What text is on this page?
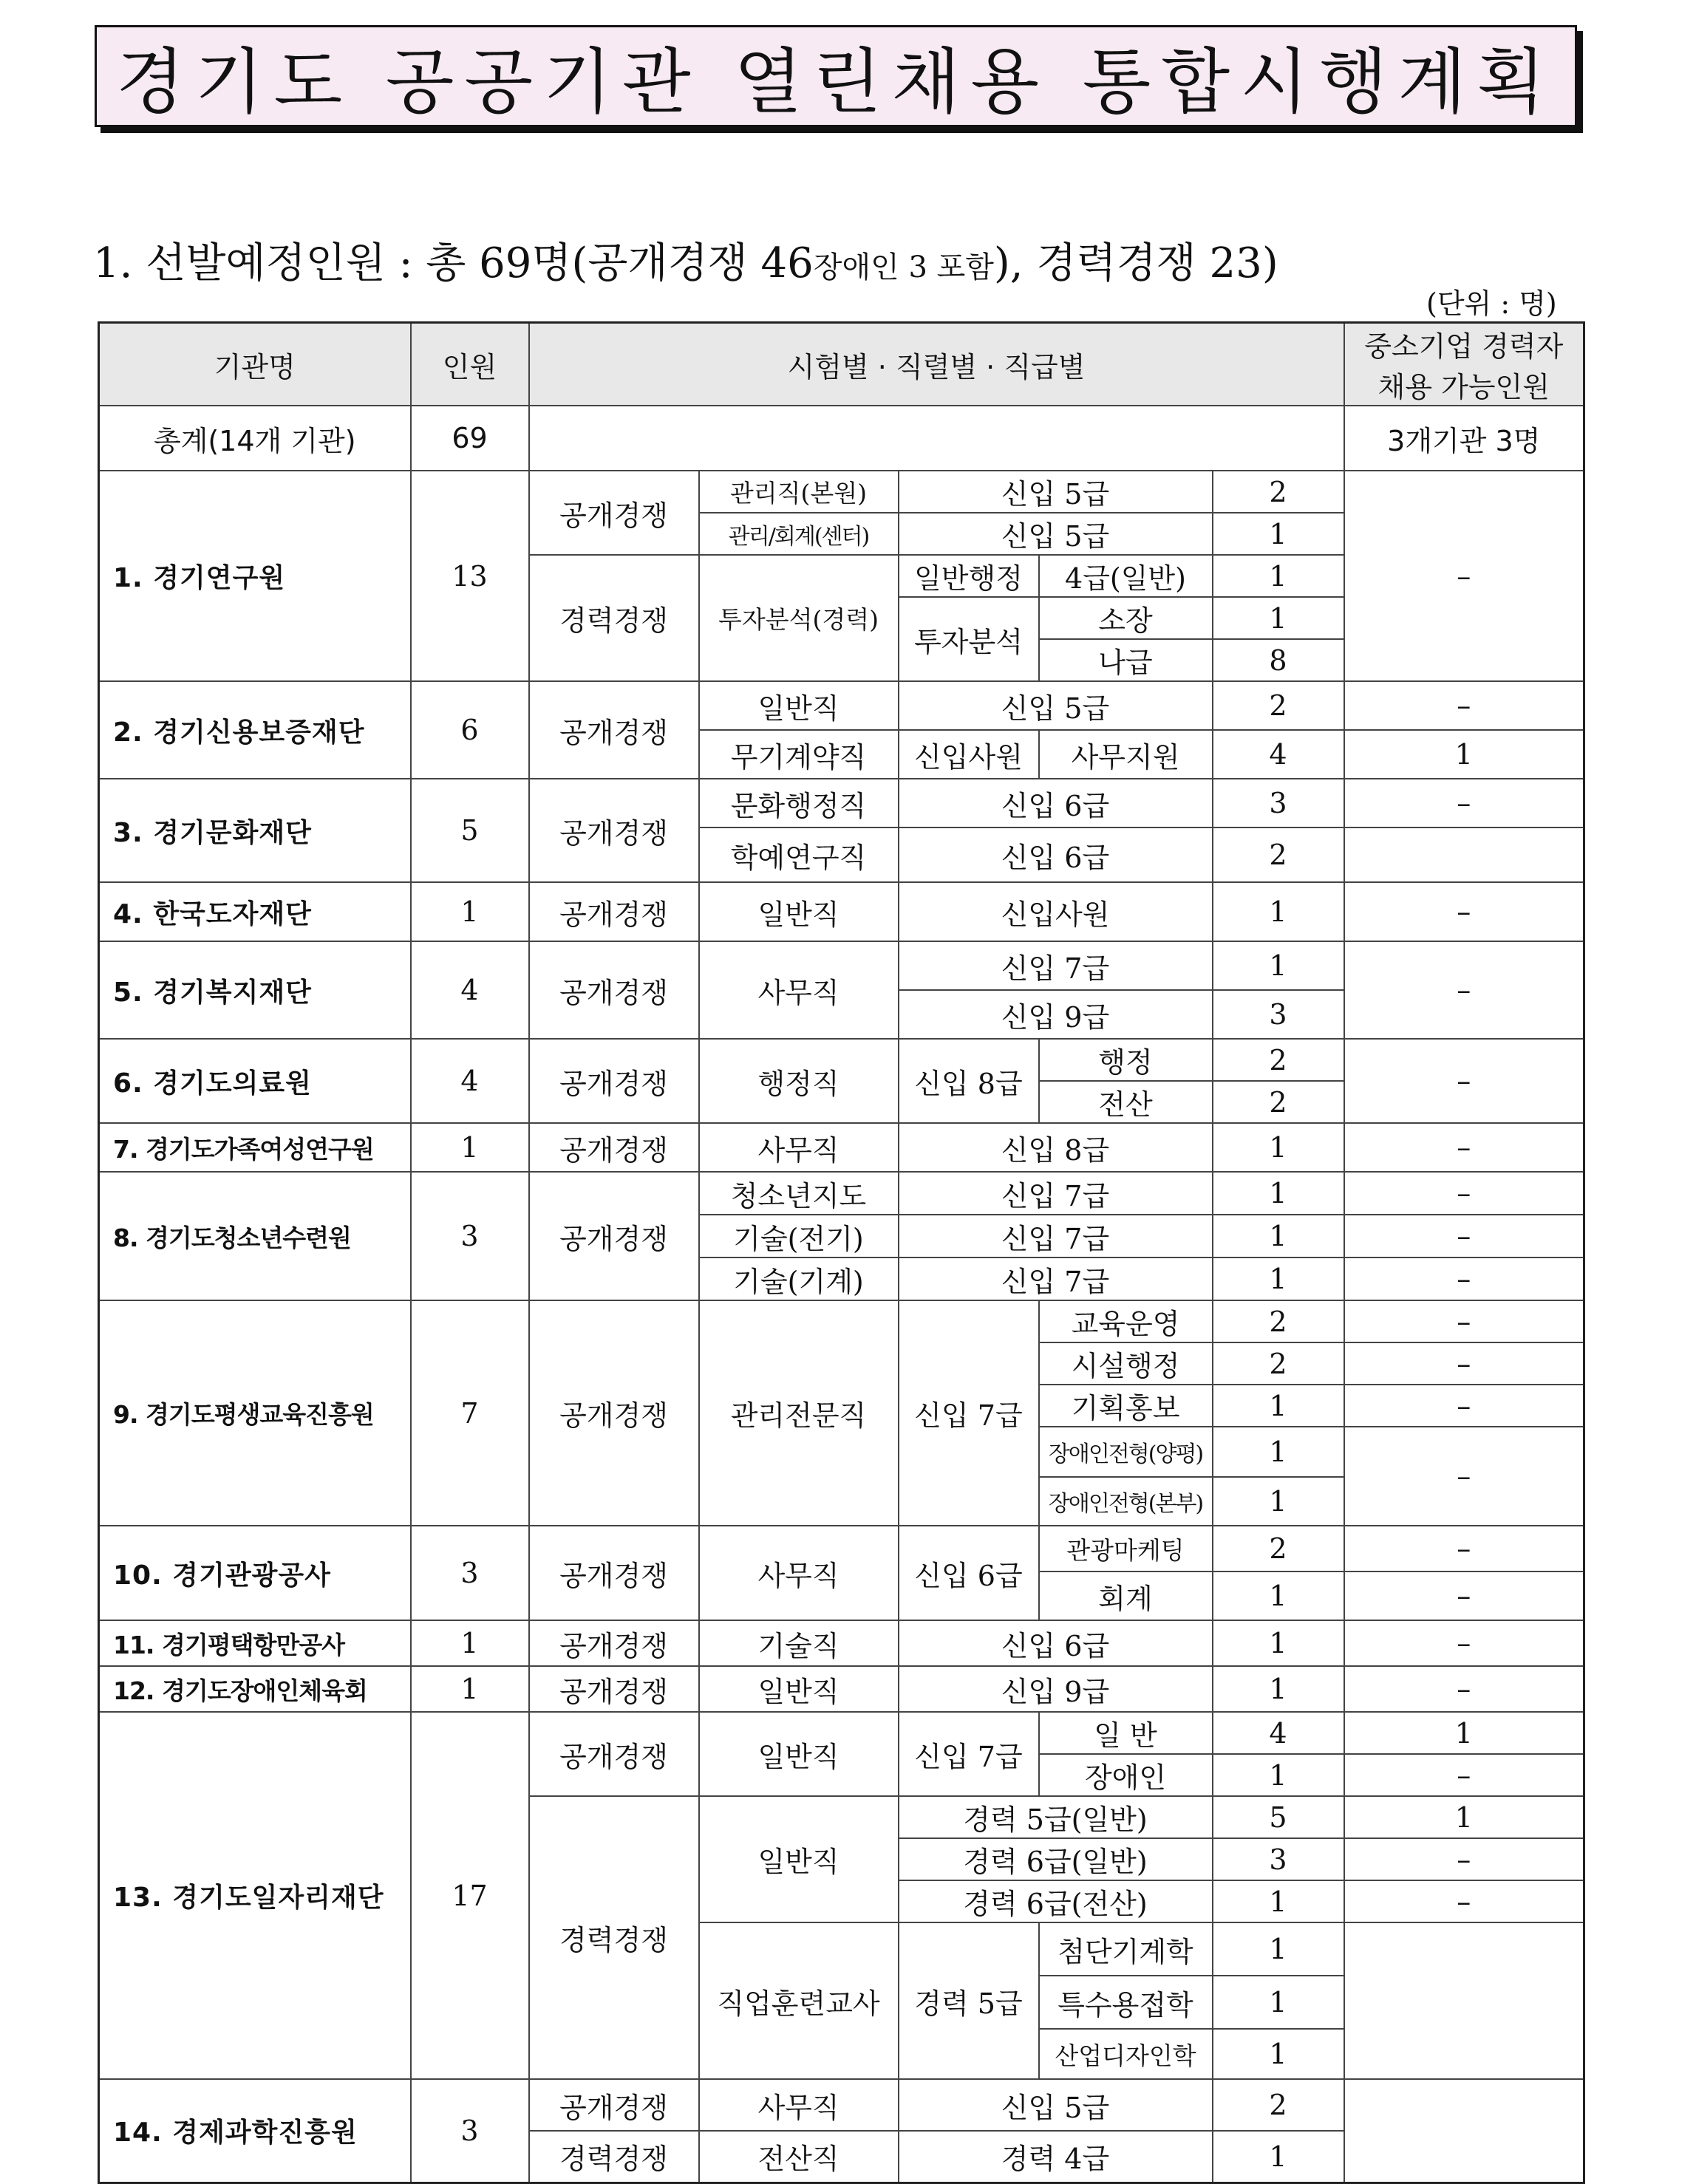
경기도 공공기관 열린채용 통합시행계획
1. 선발예정인원 : 총 69명(공개경쟁 46장애인 3 포함), 경력경쟁 23)
(단위 : 명)
기관명	인원	시험별 · 직렬별 · 직급별					중소기업 경력자 채용 가능인원
총계(14개 기관)	69						3개기관 3명
1. 경기연구원	13	공개경쟁	관리직(본원)	신입 5급		2	–
			관리/회계(센터)	신입 5급		1	
		경력경쟁	투자분석(경력)	일반행정	4급(일반)	1	
				투자분석	소장	1	
					나급	8	
2. 경기신용보증재단	6	공개경쟁	일반직	신입 5급		2	–
			무기계약직	신입사원	사무지원	4	1
3. 경기문화재단	5	공개경쟁	문화행정직	신입 6급		3	–
			학예연구직	신입 6급		2	
4. 한국도자재단	1	공개경쟁	일반직	신입사원		1	–
5. 경기복지재단	4	공개경쟁	사무직	신입 7급		1	–
				신입 9급		3	
6. 경기도의료원	4	공개경쟁	행정직	신입 8급	행정	2	–
					전산	2	
7. 경기도가족여성연구원	1	공개경쟁	사무직	신입 8급		1	–
8. 경기도청소년수련원	3	공개경쟁	청소년지도	신입 7급		1	–
			기술(전기)	신입 7급		1	–
			기술(기계)	신입 7급		1	–
9. 경기도평생교육진흥원	7	공개경쟁	관리전문직	신입 7급	교육운영	2	–
					시설행정	2	–
					기획홍보	1	–
					장애인전형(양평)	1	–
					장애인전형(본부)	1	
10. 경기관광공사	3	공개경쟁	사무직	신입 6급	관광마케팅	2	–
					회계	1	–
11. 경기평택항만공사	1	공개경쟁	기술직	신입 6급		1	–
12. 경기도장애인체육회	1	공개경쟁	일반직	신입 9급		1	–
13. 경기도일자리재단	17	공개경쟁	일반직	신입 7급	일 반	4	1
					장애인	1	–
		경력경쟁	일반직	경력 5급(일반)		5	1
				경력 6급(일반)		3	–
				경력 6급(전산)		1	–
			직업훈련교사	경력 5급	첨단기계학	1	
					특수용접학	1	
					산업디자인학	1	
14. 경제과학진흥원	3	공개경쟁	사무직	신입 5급		2	
		경력경쟁	전산직	경력 4급		1	
